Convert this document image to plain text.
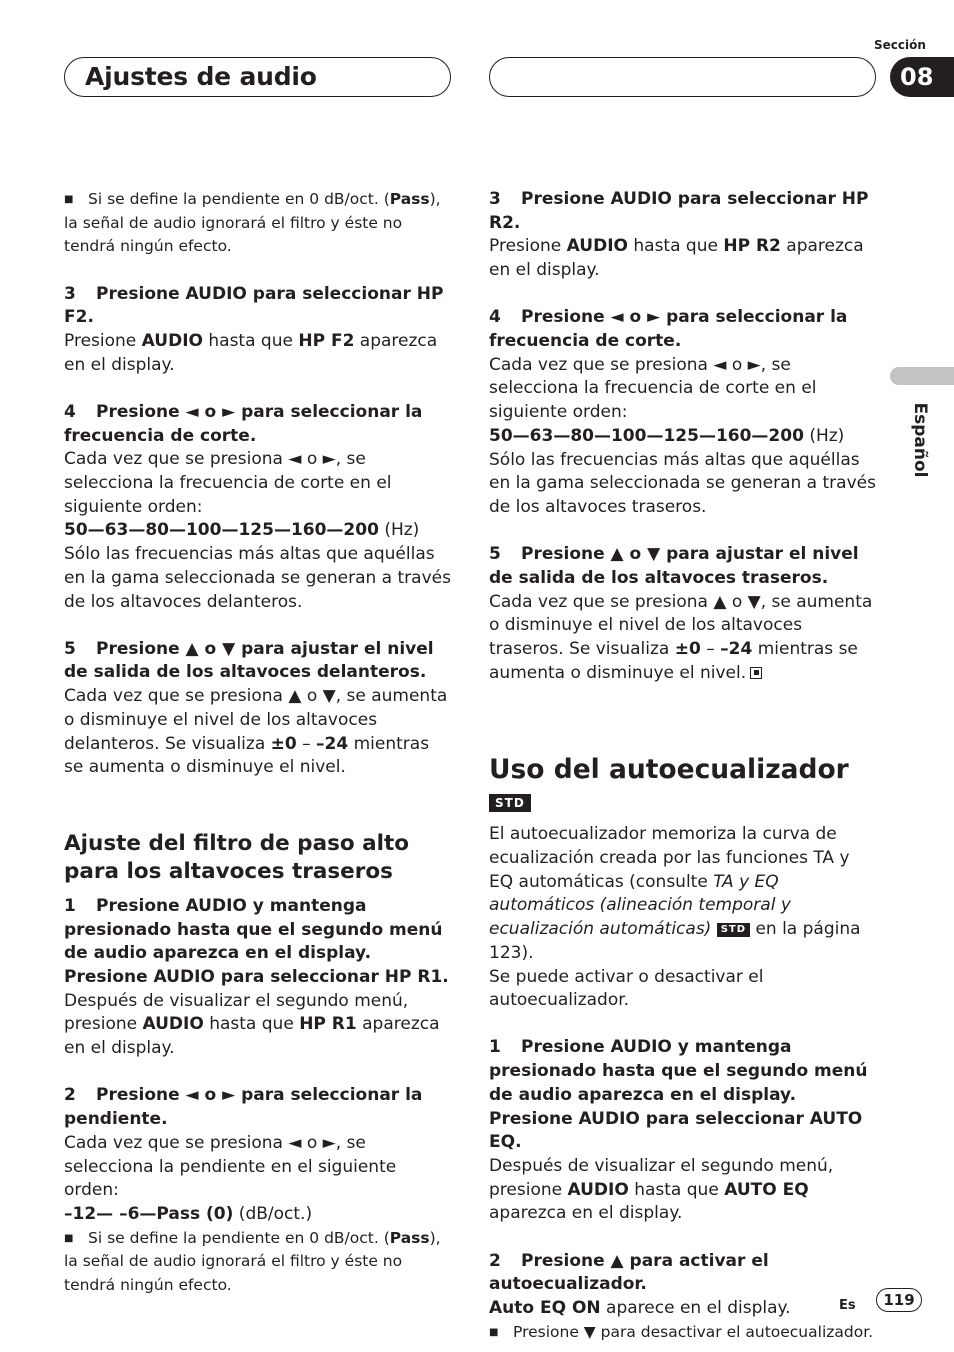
Ajustes de audio
Sección
08
Español

■ Si se define la pendiente en 0 dB/oct. (Pass), la señal de audio ignorará el filtro y éste no tendrá ningún efecto.

3 Presione AUDIO para seleccionar HP F2.

Presione AUDIO hasta que HP F2 aparezca en el display.

4 Presione ◄ o ► para seleccionar la frecuencia de corte.

Cada vez que se presiona ◄ o ►, se selecciona la frecuencia de corte en el siguiente orden:

50—63—80—100—125—160—200 (Hz)

Sólo las frecuencias más altas que aquéllas en la gama seleccionada se generan a través de los altavoces delanteros.

5 Presione ▲ o ▼ para ajustar el nivel de salida de los altavoces delanteros.

Cada vez que se presiona ▲ o ▼, se aumenta o disminuye el nivel de los altavoces delanteros. Se visualiza ±0 – –24 mientras se aumenta o disminuye el nivel.

Ajuste del filtro de paso alto para los altavoces traseros

1 Presione AUDIO y mantenga presionado hasta que el segundo menú de audio aparezca en el display. Presione AUDIO para seleccionar HP R1.

Después de visualizar el segundo menú, presione AUDIO hasta que HP R1 aparezca en el display.

2 Presione ◄ o ► para seleccionar la pendiente.

Cada vez que se presiona ◄ o ►, se selecciona la pendiente en el siguiente orden:

–12— –6—Pass (0) (dB/oct.)

■ Si se define la pendiente en 0 dB/oct. (Pass), la señal de audio ignorará el filtro y éste no tendrá ningún efecto.

3 Presione AUDIO para seleccionar HP R2.

Presione AUDIO hasta que HP R2 aparezca en el display.

4 Presione ◄ o ► para seleccionar la frecuencia de corte.

Cada vez que se presiona ◄ o ►, se selecciona la frecuencia de corte en el siguiente orden:

50—63—80—100—125—160—200 (Hz)

Sólo las frecuencias más altas que aquéllas en la gama seleccionada se generan a través de los altavoces traseros.

5 Presione ▲ o ▼ para ajustar el nivel de salida de los altavoces traseros.

Cada vez que se presiona ▲ o ▼, se aumenta o disminuye el nivel de los altavoces traseros. Se visualiza ±0 – –24 mientras se aumenta o disminuye el nivel.

Uso del autoecualizador STD

El autoecualizador memoriza la curva de ecualización creada por las funciones TA y EQ automáticas (consulte TA y EQ automáticos (alineación temporal y ecualización automáticas) STD en la página 123).

Se puede activar o desactivar el autoecualizador.

1 Presione AUDIO y mantenga presionado hasta que el segundo menú de audio aparezca en el display. Presione AUDIO para seleccionar AUTO EQ.

Después de visualizar el segundo menú, presione AUDIO hasta que AUTO EQ aparezca en el display.

2 Presione ▲ para activar el autoecualizador.

Auto EQ ON aparece en el display.

■ Presione ▼ para desactivar el autoecualizador.

Es	119
